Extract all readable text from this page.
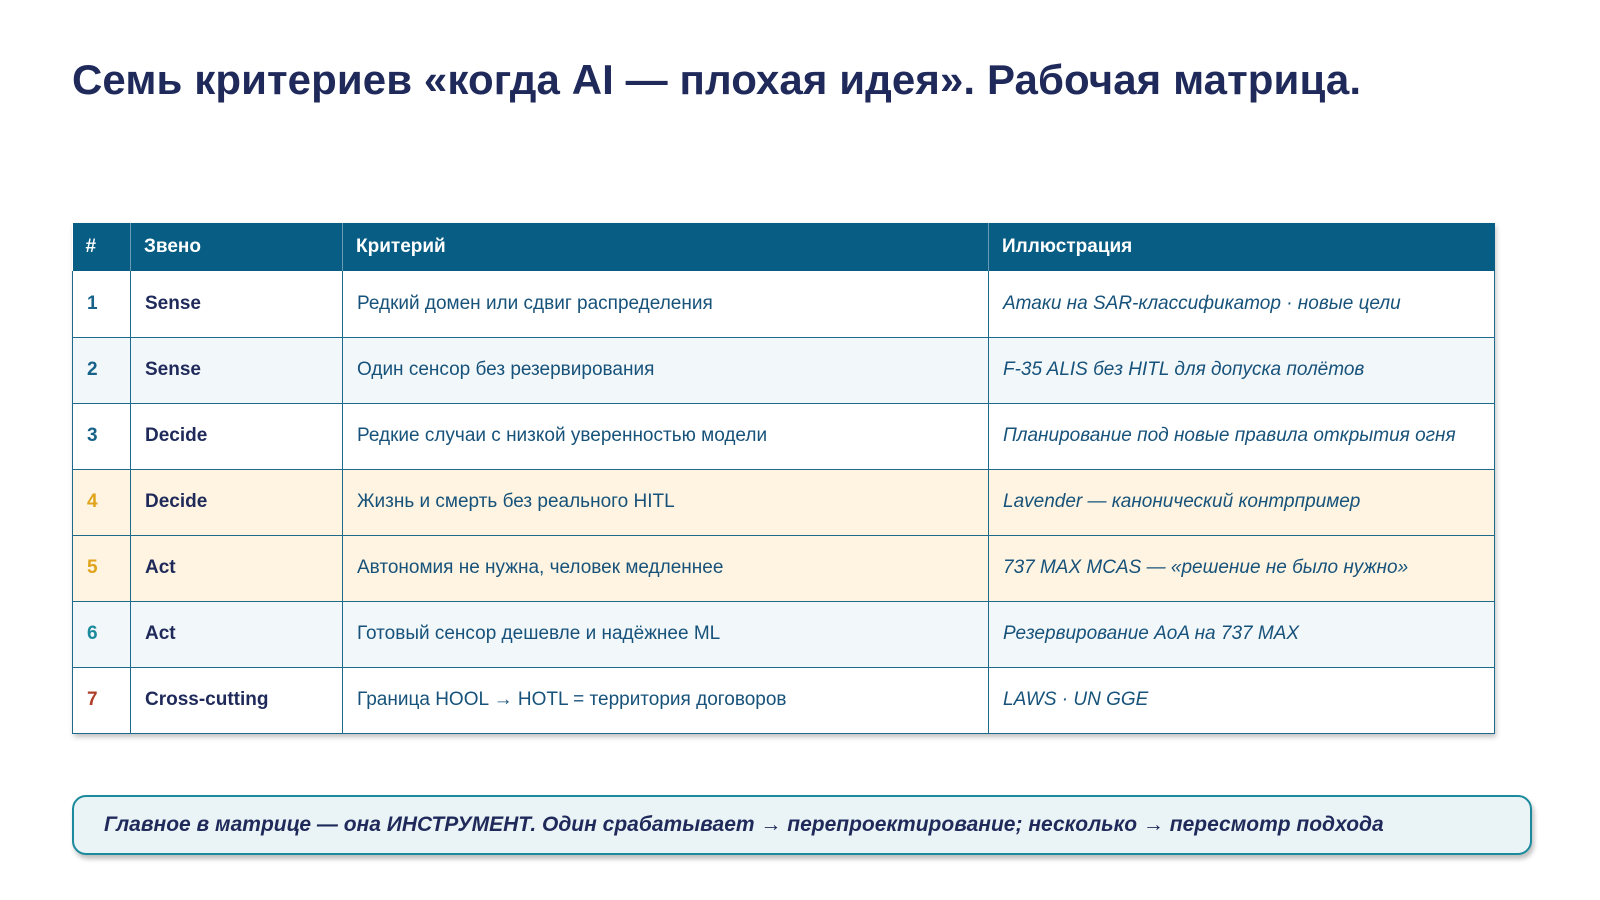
Семь критериев «когда AI — плохая идея». Рабочая матрица.
#	Звено	Критерий	Иллюстрация
1	Sense	Редкий домен или сдвиг распределения	Атаки на SAR-классификатор · новые цели
2	Sense	Один сенсор без резервирования	F-35 ALIS без HITL для допуска полётов
3	Decide	Редкие случаи с низкой уверенностью модели	Планирование под новые правила открытия огня
4	Decide	Жизнь и смерть без реального HITL	Lavender — канонический контрпример
5	Act	Автономия не нужна, человек медленнее	737 MAX MCAS — «решение не было нужно»
6	Act	Готовый сенсор дешевле и надёжнее ML	Резервирование AoA на 737 MAX
7	Cross-cutting	Граница HOOL → HOTL = территория договоров	LAWS · UN GGE
Главное в матрице — она ИНСТРУМЕНТ. Один срабатывает → перепроектирование; несколько → пересмотр подхода
